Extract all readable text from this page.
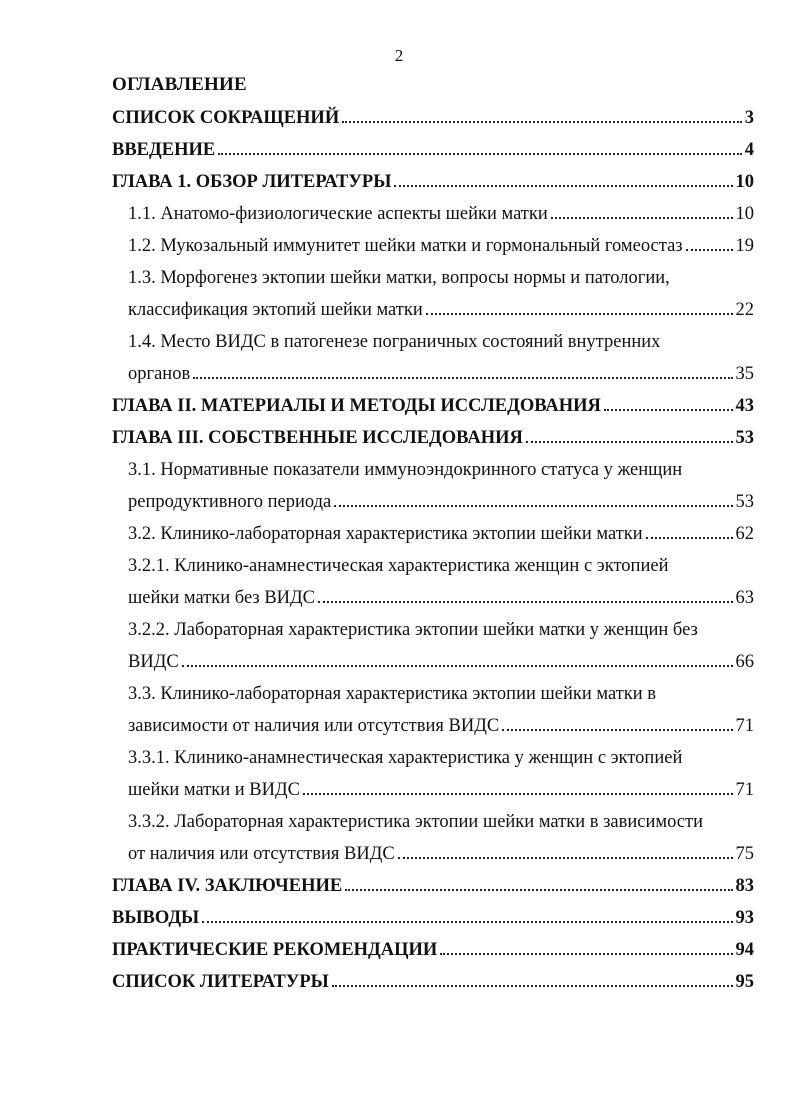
2
ОГЛАВЛЕНИЕ
СПИСОК СОКРАЩЕНИЙ	3
ВВЕДЕНИЕ	4
ГЛАВА 1. ОБЗОР ЛИТЕРАТУРЫ	10
1.1. Анатомо-физиологические аспекты шейки матки	10
1.2. Мукозальный иммунитет шейки матки и гормональный гомеостаз	19
1.3. Морфогенез эктопии шейки матки, вопросы нормы и патологии,
классификация эктопий шейки матки	22
1.4. Место ВИДС в патогенезе пограничных состояний внутренних
органов	35
ГЛАВА II. МАТЕРИАЛЫ И МЕТОДЫ ИССЛЕДОВАНИЯ	43
ГЛАВА III. СОБСТВЕННЫЕ ИССЛЕДОВАНИЯ	53
3.1. Нормативные показатели иммуноэндокринного статуса у женщин
репродуктивного периода	53
3.2. Клинико-лабораторная характеристика эктопии шейки матки	62
3.2.1. Клинико-анамнестическая характеристика женщин с эктопией
шейки матки без ВИДС	63
3.2.2. Лабораторная характеристика эктопии шейки матки у женщин без
ВИДС	66
3.3. Клинико-лабораторная характеристика эктопии шейки матки в
зависимости от наличия или отсутствия ВИДС	71
3.3.1. Клинико-анамнестическая характеристика у женщин с эктопией
шейки матки и ВИДС	71
3.3.2. Лабораторная характеристика эктопии шейки матки в зависимости
от наличия или отсутствия ВИДС	75
ГЛАВА IV. ЗАКЛЮЧЕНИЕ	83
ВЫВОДЫ	93
ПРАКТИЧЕСКИЕ РЕКОМЕНДАЦИИ	94
СПИСОК ЛИТЕРАТУРЫ	95
